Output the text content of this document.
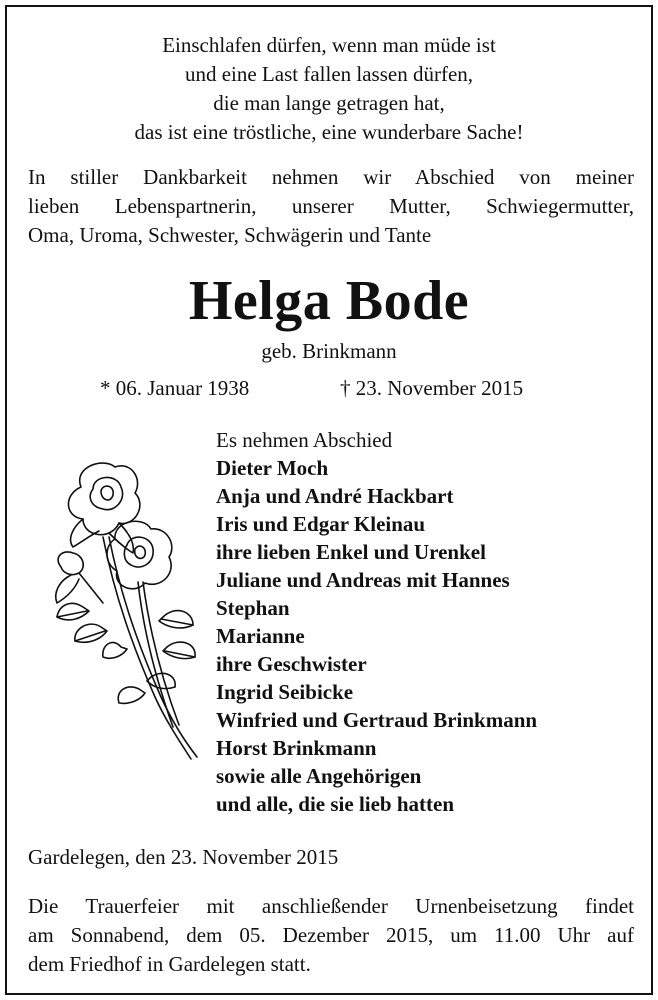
Einschlafen dürfen, wenn man müde ist
und eine Last fallen lassen dürfen,
die man lange getragen hat,
das ist eine tröstliche, eine wunderbare Sache!
In stiller Dankbarkeit nehmen wir Abschied von meiner
lieben Lebenspartnerin, unserer Mutter, Schwiegermutter,
Oma, Uroma, Schwester, Schwägerin und Tante
Helga Bode
geb. Brinkmann
* 06. Januar 1938	† 23. November 2015
Es nehmen Abschied
Dieter Moch
Anja und André Hackbart
Iris und Edgar Kleinau
ihre lieben Enkel und Urenkel
Juliane und Andreas mit Hannes
Stephan
Marianne
ihre Geschwister
Ingrid Seibicke
Winfried und Gertraud Brinkmann
Horst Brinkmann
sowie alle Angehörigen
und alle, die sie lieb hatten
Gardelegen, den 23. November 2015
Die Trauerfeier mit anschließender Urnenbeisetzung findet
am Sonnabend, dem 05. Dezember 2015, um 11.00 Uhr auf
dem Friedhof in Gardelegen statt.
